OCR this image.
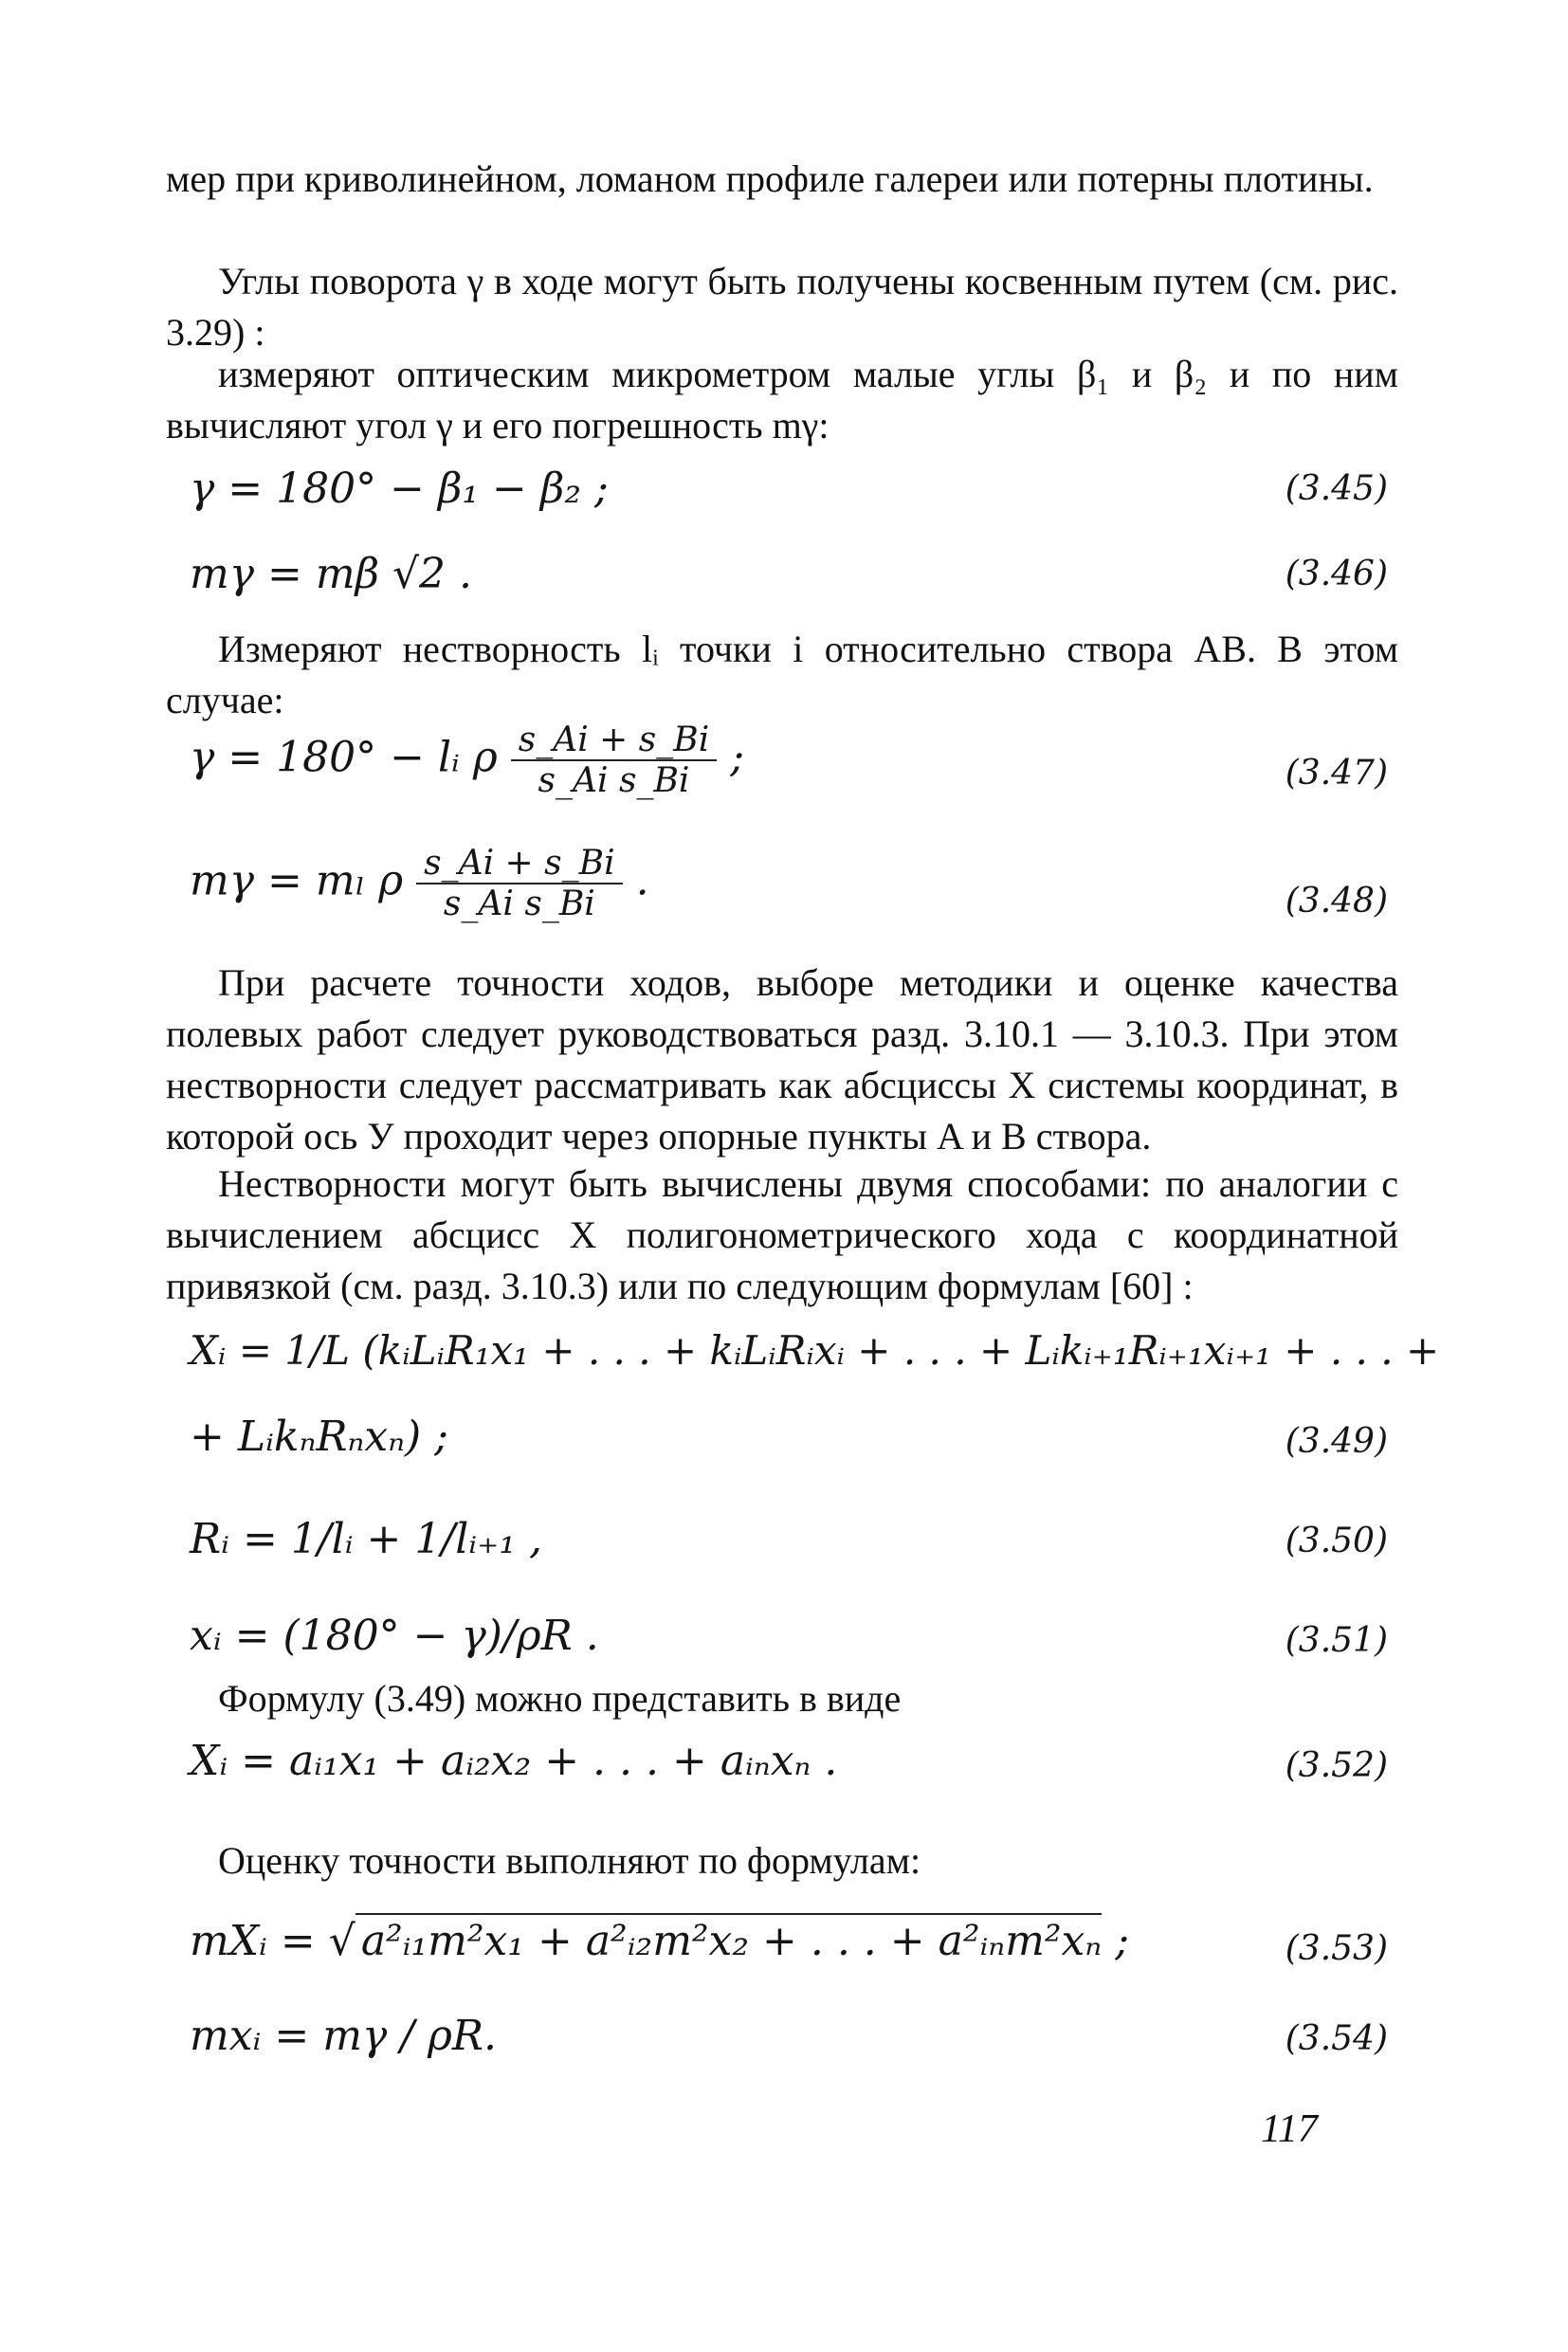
мер при криволинейном, ломаном профиле галереи или потерны плотины.
Углы поворота γ в ходе могут быть получены косвенным путем (см. рис. 3.29) :
измеряют оптическим микрометром малые углы β₁ и β₂ и по ним вычисляют угол γ и его погрешность mγ:
γ = 180° − β₁ − β₂ ;	(3.45)
mγ = mβ √2 .	(3.46)
Измеряют нестворность lᵢ точки i относительно створа AB. В этом случае:
γ = 180° − lᵢ ρ $\frac{s\_Ai + s\_Bi}{\text{s\_Ai s\_Bi}}$ ;	(3.47)
mγ = mₗ ρ $\frac{s\_Ai + s\_Bi}{\text{s\_Ai s\_Bi}}$ .	(3.48)
При расчете точности ходов, выборе методики и оценке качества полевых работ следует руководствоваться разд. 3.10.1 — 3.10.3. При этом нестворности следует рассматривать как абсциссы X системы координат, в которой ось У проходит через опорные пункты A и B створа.
Нестворности могут быть вычислены двумя способами: по аналогии с вычислением абсцисс X полигонометрического хода с координатной привязкой (см. разд. 3.10.3) или по следующим формулам [60] :
Xᵢ = 1/L (kᵢLᵢR₁x₁ + . . . + kᵢLᵢRᵢxᵢ + . . . + Lᵢkᵢ₊₁Rᵢ₊₁xᵢ₊₁ + . . . +
+ LᵢkₙRₙxₙ) ;	(3.49)
Rᵢ = 1/lᵢ + 1/lᵢ₊₁ ,	(3.50)
xᵢ = (180° − γ)/ρR .	(3.51)
Формулу (3.49) можно представить в виде
Xᵢ = aᵢ₁x₁ + aᵢ₂x₂ + . . . + aᵢₙxₙ .	(3.52)
Оценку точности выполняют по формулам:
mXᵢ = √ a²ᵢ₁m²x₁ + a²ᵢ₂m²x₂ + . . . + a²ᵢₙm²xₙ ;	(3.53)
mxᵢ = mγ / ρR.	(3.54)
117
